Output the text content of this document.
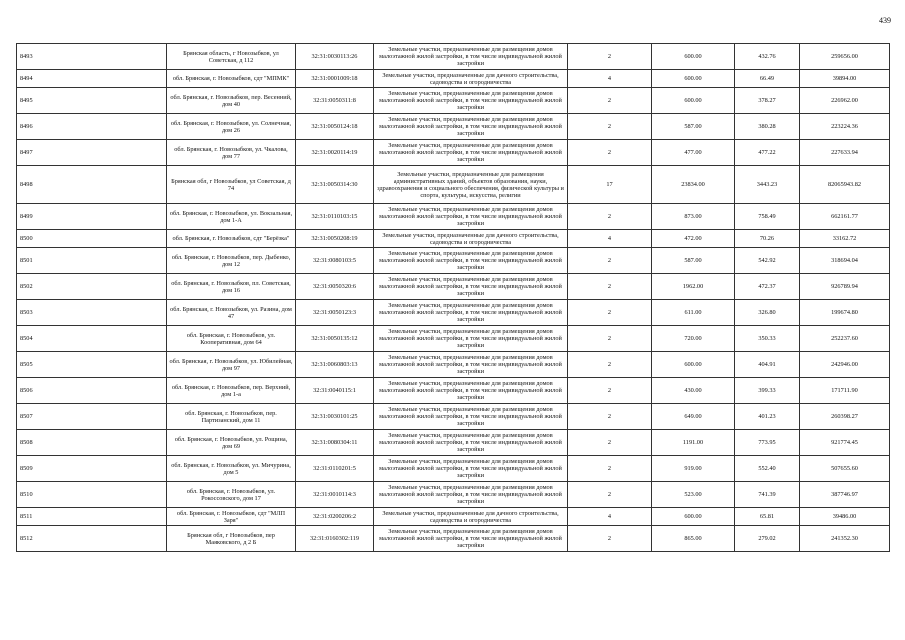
439
8493	Брянская область, г Новозыбков, ул Советская, д 112	32:31:0030113:26	Земельные участки, предназначенные для размещения домов малоэтажной жилой застройки, в том числе индивидуальной жилой застройки	2	600.00	432.76	259656.00
8494	обл. Брянская, г. Новозыбков, сдт "МПМК"	32:31:0001009:18	Земельные участки, предназначенные для дачного строительства, садоводства и огородничества	4	600.00	66.49	39894.00
8495	обл. Брянская, г. Новозыбков, пер. Весенний, дом 40	32:31:0050311:8	Земельные участки, предназначенные для размещения домов малоэтажной жилой застройки, в том числе индивидуальной жилой застройки	2	600.00	378.27	226962.00
8496	обл. Брянская, г. Новозыбков, ул. Солнечная, дом 26	32:31:0050124:18	Земельные участки, предназначенные для размещения домов малоэтажной жилой застройки, в том числе индивидуальной жилой застройки	2	587.00	380.28	223224.36
8497	обл. Брянская, г. Новозыбков, ул. Чкалова, дом 77	32:31:0020114:19	Земельные участки, предназначенные для размещения домов малоэтажной жилой застройки, в том числе индивидуальной жилой застройки	2	477.00	477.22	227633.94
8498	Брянская обл, г Новозыбков, ул Советская, д 74	32:31:0050314:30	Земельные участки, предназначенные для размещения административных зданий, объектов образования, науки, здравоохранения и социального обеспечения, физической культуры и спорта, культуры, искусства, религии	17	23834.00	3443.23	82065943.82
8499	обл. Брянская, г. Новозыбков, ул. Вокзальная, дом 1-А	32:31:0110103:15	Земельные участки, предназначенные для размещения домов малоэтажной жилой застройки, в том числе индивидуальной жилой застройки	2	873.00	758.49	662161.77
8500	обл. Брянская, г. Новозыбков, сдт "Берёзка"	32:31:0050208:19	Земельные участки, предназначенные для дачного строительства, садоводства и огородничества	4	472.00	70.26	33162.72
8501	обл. Брянская, г. Новозыбков, пер. Дыбенко, дом 12	32:31:0080103:5	Земельные участки, предназначенные для размещения домов малоэтажной жилой застройки, в том числе индивидуальной жилой застройки	2	587.00	542.92	318694.04
8502	обл. Брянская, г. Новозыбков, пл. Советская, дом 16	32:31:0050320:6	Земельные участки, предназначенные для размещения домов малоэтажной жилой застройки, в том числе индивидуальной жилой застройки	2	1962.00	472.37	926789.94
8503	обл. Брянская, г. Новозыбков, ул. Разина, дом 47	32:31:0050123:3	Земельные участки, предназначенные для размещения домов малоэтажной жилой застройки, в том числе индивидуальной жилой застройки	2	611.00	326.80	199674.80
8504	обл. Брянская, г. Новозыбков, ул. Кооперативная, дом 64	32:31:0050135:12	Земельные участки, предназначенные для размещения домов малоэтажной жилой застройки, в том числе индивидуальной жилой застройки	2	720.00	350.33	252237.60
8505	обл. Брянская, г. Новозыбков, ул. Юбилейная, дом 97	32:31:0060803:13	Земельные участки, предназначенные для размещения домов малоэтажной жилой застройки, в том числе индивидуальной жилой застройки	2	600.00	404.91	242946.00
8506	обл. Брянская, г. Новозыбков, пер. Верхний, дом 1-а	32:31:0040115:1	Земельные участки, предназначенные для размещения домов малоэтажной жилой застройки, в том числе индивидуальной жилой застройки	2	430.00	399.33	171711.90
8507	обл. Брянская, г. Новозыбков, пер. Партизанский, дом 11	32:31:0030101:25	Земельные участки, предназначенные для размещения домов малоэтажной жилой застройки, в том числе индивидуальной жилой застройки	2	649.00	401.23	260398.27
8508	обл. Брянская, г. Новозыбков, ул. Рощина, дом 69	32:31:0080304:11	Земельные участки, предназначенные для размещения домов малоэтажной жилой застройки, в том числе индивидуальной жилой застройки	2	1191.00	773.95	921774.45
8509	обл. Брянская, г. Новозыбков, ул. Мичурина, дом 5	32:31:0110201:5	Земельные участки, предназначенные для размещения домов малоэтажной жилой застройки, в том числе индивидуальной жилой застройки	2	919.00	552.40	507655.60
8510	обл. Брянская, г. Новозыбков, ул. Рокоссовского, дом 17	32:31:0010114:3	Земельные участки, предназначенные для размещения домов малоэтажной жилой застройки, в том числе индивидуальной жилой застройки	2	523.00	741.39	387746.97
8511	обл. Брянская, г. Новозыбков, сдт "МЛП Заря"	32:31:0200206:2	Земельные участки, предназначенные для дачного строительства, садоводства и огородничества	4	600.00	65.81	39486.00
8512	Брянская обл, г Новозыбков, пер Маяковского, д 2 Б	32:31:0160302:119	Земельные участки, предназначенные для размещения домов малоэтажной жилой застройки, в том числе индивидуальной жилой застройки	2	865.00	279.02	241352.30
